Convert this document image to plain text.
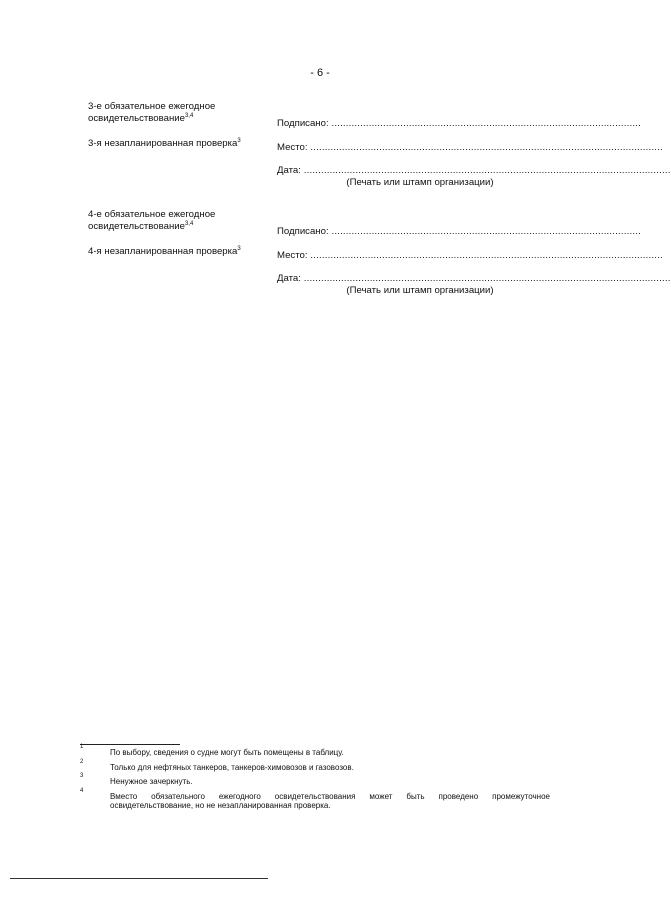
- 6 -
3-е обязательное ежегодное
освидетельствование$^{3,4}$
3-я незапланированная проверка$^3$
Подписано: ............................................................................................................
Место: ...........................................................................................................................
Дата: ................................................................................................................................
(Печать или штамп организации)
4-е обязательное ежегодное
освидетельствование$^{3,4}$
4-я незапланированная проверка$^3$
Подписано: ............................................................................................................
Место: ...........................................................................................................................
Дата: ................................................................................................................................
(Печать или штамп организации)
1
По выбору, сведения о судне могут быть помещены в таблицу.
2
Только для нефтяных танкеров, танкеров-химовозов и газовозов.
3
Ненужное зачеркнуть.
4
Вместо обязательного ежегодного освидетельствования может быть проведено промежуточное освидетельствование, но не незапланированная проверка.
